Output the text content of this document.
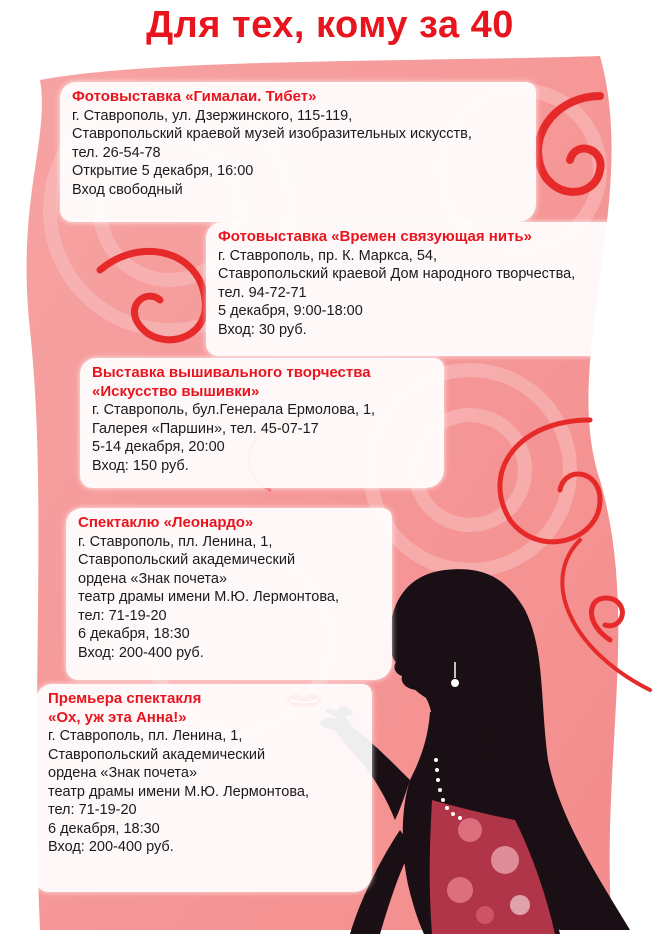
Для тех, кому за 40

Фотовыставка «Гималаи. Тибет»

г. Ставрополь, ул. Дзержинского, 115-119,

Ставропольский краевой музей изобразительных искусств,

тел. 26-54-78

Открытие 5 декабря, 16:00

Вход свободный

Фотовыставка «Времен связующая нить»

г. Ставрополь, пр. К. Маркса, 54,

Ставропольский краевой Дом народного творчества,

тел. 94-72-71

5 декабря, 9:00-18:00

Вход: 30 руб.

Выставка вышивального творчества

«Искусство вышивки»

г. Ставрополь, бул.Генерала Ермолова, 1,

Галерея «Паршин», тел. 45-07-17

5-14 декабря, 20:00

Вход: 150 руб.

Спектаклю «Леонардо»

г. Ставрополь, пл. Ленина, 1,

Ставропольский академический

ордена «Знак почета»

театр драмы имени М.Ю. Лермонтова,

тел: 71-19-20

6 декабря, 18:30

Вход: 200-400 руб.

Премьера спектакля

«Ох, уж эта Анна!»

г. Ставрополь, пл. Ленина, 1,

Ставропольский академический

ордена «Знак почета»

театр драмы имени М.Ю. Лермонтова,

тел: 71-19-20

6 декабря, 18:30

Вход: 200-400 руб.
